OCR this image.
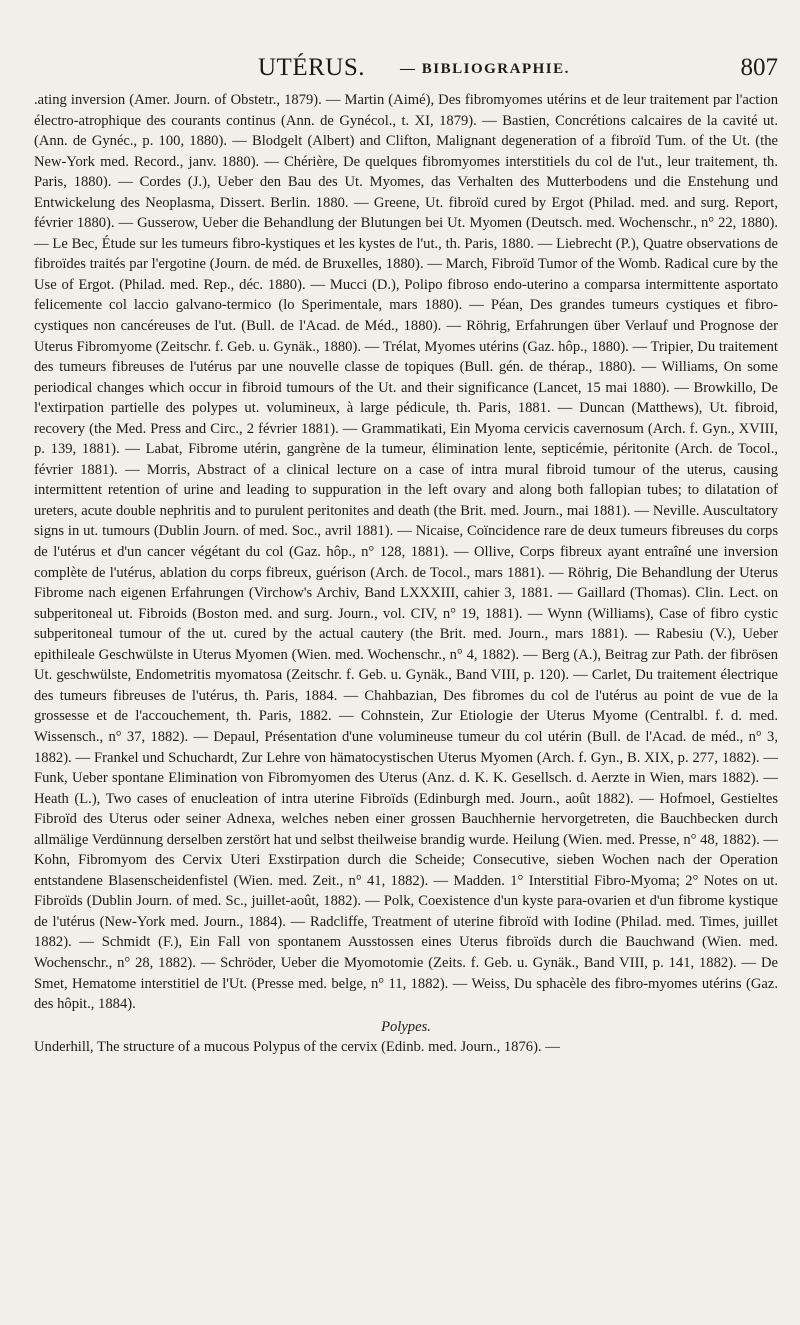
UTÉRUS. — BIBLIOGRAPHIE.	807

.ating inversion (Amer. Journ. of Obstetr., 1879). — Martin (Aimé), Des fibromyomes utérins et de leur traitement par l'action électro-atrophique des courants continus (Ann. de Gynécol., t. XI, 1879). — Bastien, Concrétions calcaires de la cavité ut. (Ann. de Gynéc., p. 100, 1880). — Blodgelt (Albert) and Clifton, Malignant degeneration of a fibroïd Tum. of the Ut. (the New-York med. Record., janv. 1880). — Chérière, De quelques fibromyomes interstitiels du col de l'ut., leur traitement, th. Paris, 1880). — Cordes (J.), Ueber den Bau des Ut. Myomes, das Verhalten des Mutterbodens und die Enstehung und Entwickelung des Neoplasma, Dissert. Berlin. 1880. — Greene, Ut. fibroïd cured by Ergot (Philad. med. and surg. Report, février 1880). — Gusserow, Ueber die Behandlung der Blutungen bei Ut. Myomen (Deutsch. med. Wochenschr., n° 22, 1880). — Le Bec, Étude sur les tumeurs fibro-kystiques et les kystes de l'ut., th. Paris, 1880. — Liebrecht (P.), Quatre observations de fibroïdes traités par l'ergotine (Journ. de méd. de Bruxelles, 1880). — March, Fibroïd Tumor of the Womb. Radical cure by the Use of Ergot. (Philad. med. Rep., déc. 1880). — Mucci (D.), Polipo fibroso endo-uterino a comparsa intermittente asportato felicemente col laccio galvano-termico (lo Sperimentale, mars 1880). — Péan, Des grandes tumeurs cystiques et fibro-cystiques non cancéreuses de l'ut. (Bull. de l'Acad. de Méd., 1880). — Röhrig, Erfahrungen über Verlauf und Prognose der Uterus Fibromyome (Zeitschr. f. Geb. u. Gynäk., 1880). — Trélat, Myomes utérins (Gaz. hôp., 1880). — Tripier, Du traitement des tumeurs fibreuses de l'utérus par une nouvelle classe de topiques (Bull. gén. de thérap., 1880). — Williams, On some periodical changes which occur in fibroid tumours of the Ut. and their significance (Lancet, 15 mai 1880). — Browkillo, De l'extirpation partielle des polypes ut. volumineux, à large pédicule, th. Paris, 1881. — Duncan (Matthews), Ut. fibroid, recovery (the Med. Press and Circ., 2 février 1881). — Grammatikati, Ein Myoma cervicis cavernosum (Arch. f. Gyn., XVIII, p. 139, 1881). — Labat, Fibrome utérin, gangrène de la tumeur, élimination lente, septicémie, péritonite (Arch. de Tocol., février 1881). — Morris, Abstract of a clinical lecture on a case of intra mural fibroid tumour of the uterus, causing intermittent retention of urine and leading to suppuration in the left ovary and along both fallopian tubes; to dilatation of ureters, acute double nephritis and to purulent peritonites and death (the Brit. med. Journ., mai 1881). — Neville. Auscultatory signs in ut. tumours (Dublin Journ. of med. Soc., avril 1881). — Nicaise, Coïncidence rare de deux tumeurs fibreuses du corps de l'utérus et d'un cancer végétant du col (Gaz. hôp., n° 128, 1881). — Ollive, Corps fibreux ayant entraîné une inversion complète de l'utérus, ablation du corps fibreux, guérison (Arch. de Tocol., mars 1881). — Röhrig, Die Behandlung der Uterus Fibrome nach eigenen Erfahrungen (Virchow's Archiv, Band LXXXIII, cahier 3, 1881. — Gaillard (Thomas). Clin. Lect. on subperitoneal ut. Fibroids (Boston med. and surg. Journ., vol. CIV, n° 19, 1881). — Wynn (Williams), Case of fibro cystic subperitoneal tumour of the ut. cured by the actual cautery (the Brit. med. Journ., mars 1881). — Rabesiu (V.), Ueber epithileale Geschwülste in Uterus Myomen (Wien. med. Wochenschr., n° 4, 1882). — Berg (A.), Beitrag zur Path. der fibrösen Ut. geschwülste, Endometritis myomatosa (Zeitschr. f. Geb. u. Gynäk., Band VIII, p. 120). — Carlet, Du traitement électrique des tumeurs fibreuses de l'utérus, th. Paris, 1884. — Chahbazian, Des fibromes du col de l'utérus au point de vue de la grossesse et de l'accouchement, th. Paris, 1882. — Cohnstein, Zur Etiologie der Uterus Myome (Centralbl. f. d. med. Wissensch., n° 37, 1882). — Depaul, Présentation d'une volumineuse tumeur du col utérin (Bull. de l'Acad. de méd., n° 3, 1882). — Frankel und Schuchardt, Zur Lehre von hämatocystischen Uterus Myomen (Arch. f. Gyn., B. XIX, p. 277, 1882). — Funk, Ueber spontane Elimination von Fibromyomen des Uterus (Anz. d. K. K. Gesellsch. d. Aerzte in Wien, mars 1882). — Heath (L.), Two cases of enucleation of intra uterine Fibroïds (Edinburgh med. Journ., août 1882). — Hofmoel, Gestieltes Fibroïd des Uterus oder seiner Adnexa, welches neben einer grossen Bauchhernie hervorgetreten, die Bauchbecken durch allmälige Verdünnung derselben zerstört hat und selbst theilweise brandig wurde. Heilung (Wien. med. Presse, n° 48, 1882). — Kohn, Fibromyom des Cervix Uteri Exstirpation durch die Scheide; Consecutive, sieben Wochen nach der Operation entstandene Blasenscheidenfistel (Wien. med. Zeit., n° 41, 1882). — Madden. 1° Interstitial Fibro-Myoma; 2° Notes on ut. Fibroïds (Dublin Journ. of med. Sc., juillet-août, 1882). — Polk, Coexistence d'un kyste para-ovarien et d'un fibrome kystique de l'utérus (New-York med. Journ., 1884). — Radcliffe, Treatment of uterine fibroïd with Iodine (Philad. med. Times, juillet 1882). — Schmidt (F.), Ein Fall von spontanem Ausstossen eines Uterus fibroïds durch die Bauchwand (Wien. med. Wochenschr., n° 28, 1882). — Schröder, Ueber die Myomotomie (Zeits. f. Geb. u. Gynäk., Band VIII, p. 141, 1882). — De Smet, Hematome interstitiel de l'Ut. (Presse med. belge, n° 11, 1882). — Weiss, Du sphacèle des fibro-myomes utérins (Gaz. des hôpit., 1884).

Polypes.

Underhill, The structure of a mucous Polypus of the cervix (Edinb. med. Journ., 1876). —
